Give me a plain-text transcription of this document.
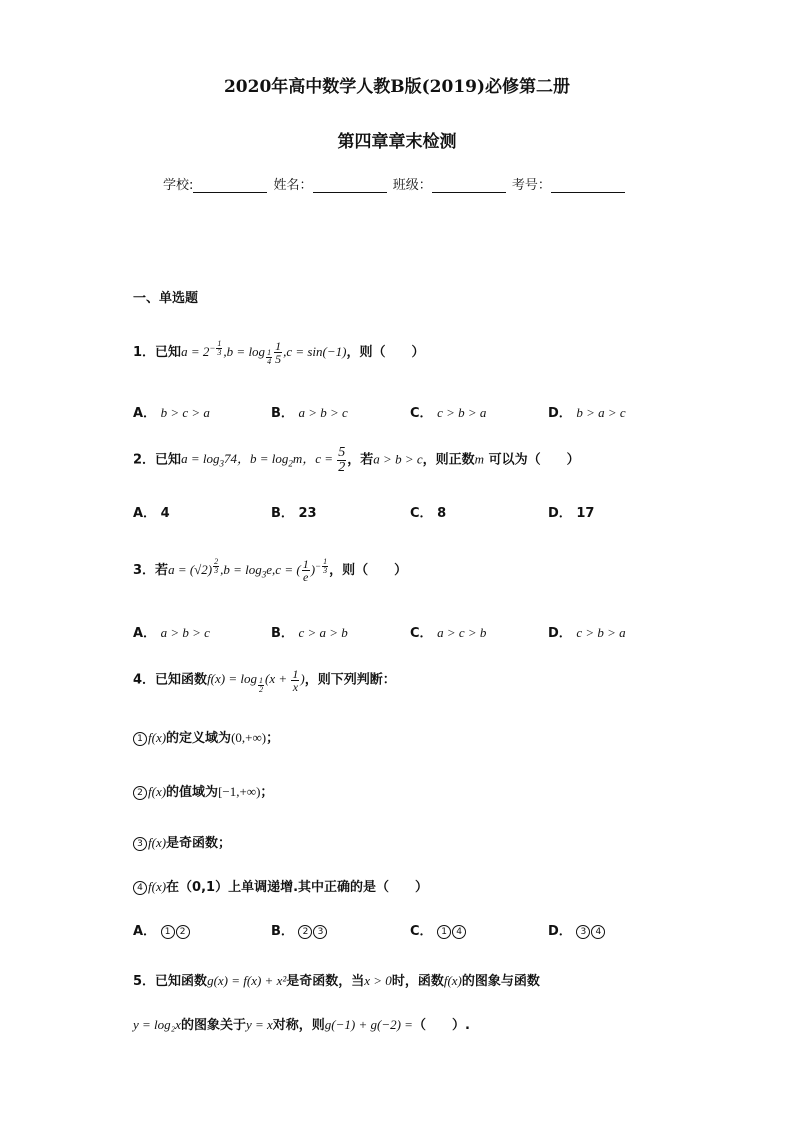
2020年高中数学人教B版(2019)必修第二册
第四章章末检测
学校:	姓名：	班级：	考号：
一、单选题
1．已知$a = 2^{- \frac{1}{3}}$ $,b = \log _{\frac{1}{4}} \frac{1}{5} ,c = \sin(-1)$，则（　　）
A． b > c > a	B． a > b > c	C． c > b > a	D． b > a > c
2．已知$a = \log_374$，$b = \log_2m$，$c = \frac{5}{2}$ ，若a > b > c，则正数m 可以为（　　）
A． 4	B． 23	C． 8	D． 17
3．若a = (√2) $^{\frac{2}{3}}$ $,b = \log_3e,c$ = ( $\frac{1}{e} )^{- \frac{1}{3}}$ ，则（　　）
A． a > b > c	B． c > a > b	C． a > c > b	D． c > b > a
4．已知函数f(x) = log $_{\frac{1}{2}}$ ($x + \frac{1}{x}$ )，则下列判断：
1 f(x)的定义域为(0,+∞)；
2 f(x)的值域为[−1,+∞)；
3 f(x)是奇函数；
4 f(x)在（0,1）上单调递增.其中正确的是（　　）
A． 1 2	B． 2 3	C． 1 4	D． 3 4
5．已知函数g(x) = f(x) + x²是奇函数，当x > 0时，函数f(x)的图象与函数
y = log₂x的图象关于y = x对称，则g(−1) + g(−2) =（　　）.
